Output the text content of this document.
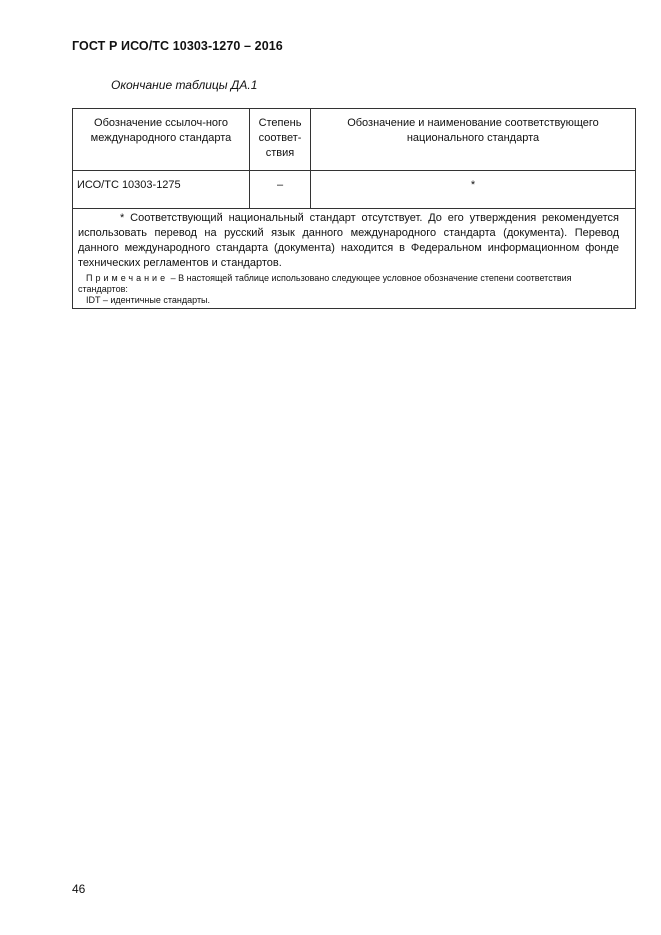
ГОСТ Р ИСО/ТС 10303-1270 – 2016
Окончание таблицы ДА.1
Обозначение ссылоч-ного международного стандарта	Степень соответ-ствия	Обозначение и наименование соответствующего национального стандарта
ИСО/ТС 10303-1275	–	*

* Соответствующий национальный стандарт отсутствует. До его утверждения рекомендуется использовать перевод на русский язык данного международного стандарта (документа). Перевод данного международного стандарта (документа) находится в Федеральном информационном фонде технических регламентов и стандартов.

Примечание – В настоящей таблице использовано следующее условное обозначение степени соответствия стандартов:
IDT – идентичные стандарты.		
46
